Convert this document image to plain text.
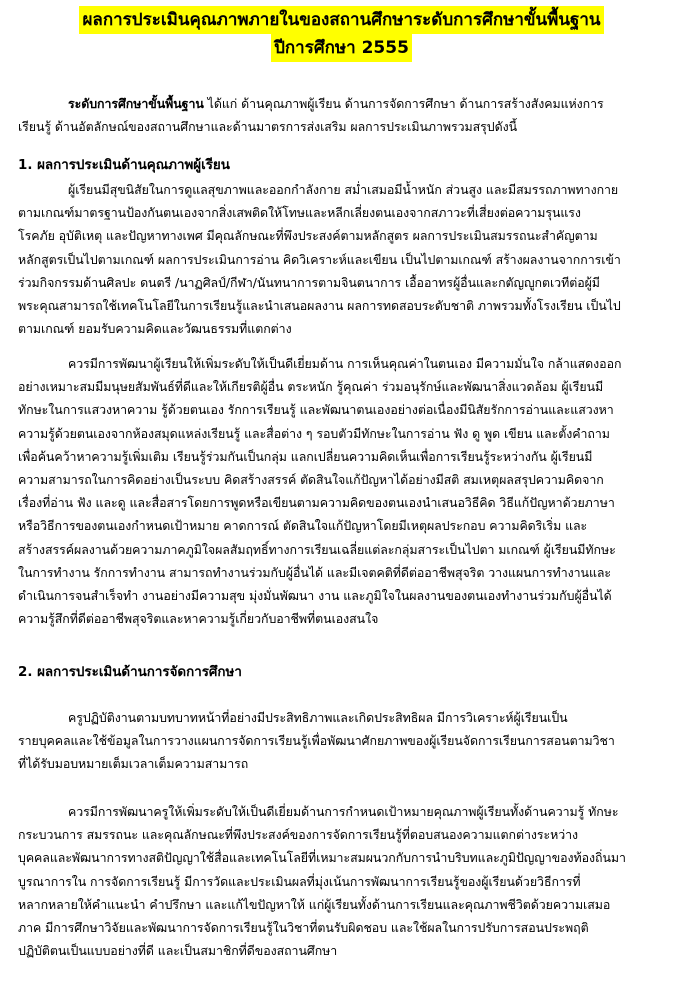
ผลการประเมินคุณภาพภายในของสถานศึกษาระดับการศึกษาขั้นพื้นฐาน
ปีการศึกษา 2555
ระดับการศึกษาขั้นพื้นฐาน ได้แก่ ด้านคุณภาพผู้เรียน ด้านการจัดการศึกษา ด้านการสร้างสังคมแห่งการ
เรียนรู้ ด้านอัตลักษณ์ของสถานศึกษาและด้านมาตรการส่งเสริม ผลการประเมินภาพรวมสรุปดังนี้
1. ผลการประเมินด้านคุณภาพผู้เรียน
ผู้เรียนมีสุขนิสัยในการดูแลสุขภาพและออกกำลังกาย สม่ำเสมอมีน้ำหนัก ส่วนสูง และมีสมรรถภาพทางกาย
ตามเกณฑ์มาตรฐานป้องกันตนเองจากสิ่งเสพติดให้โทษและหลีกเลี่ยงตนเองจากสภาวะที่เสี่ยงต่อความรุนแรง
โรคภัย อุบัติเหตุ และปัญหาทางเพศ มีคุณลักษณะที่พึงประสงค์ตามหลักสูตร ผลการประเมินสมรรถนะสำคัญตาม
หลักสูตรเป็นไปตามเกณฑ์ ผลการประเมินการอ่าน คิดวิเคราะห์และเขียน เป็นไปตามเกณฑ์ สร้างผลงานจากการเข้า
ร่วมกิจกรรมด้านศิลปะ ดนตรี /นาฏศิลป์/กีฬา/นันทนาการตามจินตนาการ เอื้ออาทรผู้อื่นและกตัญญูกตเวทีต่อผู้มี
พระคุณสามารถใช้เทคโนโลยีในการเรียนรู้และนำเสนอผลงาน ผลการทดสอบระดับชาติ ภาพรวมทั้งโรงเรียน เป็นไป
ตามเกณฑ์ ยอมรับความคิดและวัฒนธรรมที่แตกต่าง
ควรมีการพัฒนาผู้เรียนให้เพิ่มระดับให้เป็นดีเยี่ยมด้าน การเห็นคุณค่าในตนเอง มีความมั่นใจ กล้าแสดงออก
อย่างเหมาะสมมีมนุษยสัมพันธ์ที่ดีและให้เกียรติผู้อื่น ตระหนัก รู้คุณค่า ร่วมอนุรักษ์และพัฒนาสิ่งแวดล้อม ผู้เรียนมี
ทักษะในการแสวงหาความ รู้ด้วยตนเอง รักการเรียนรู้ และพัฒนาตนเองอย่างต่อเนื่องมีนิสัยรักการอ่านและแสวงหา
ความรู้ด้วยตนเองจากห้องสมุดแหล่งเรียนรู้ และสื่อต่าง ๆ รอบตัวมีทักษะในการอ่าน ฟัง ดู พูด เขียน และตั้งคำถาม
เพื่อค้นคว้าหาความรู้เพิ่มเติม เรียนรู้ร่วมกันเป็นกลุ่ม แลกเปลี่ยนความคิดเห็นเพื่อการเรียนรู้ระหว่างกัน ผู้เรียนมี
ความสามารถในการคิดอย่างเป็นระบบ คิดสร้างสรรค์ ตัดสินใจแก้ปัญหาได้อย่างมีสติ สมเหตุผลสรุปความคิดจาก
เรื่องที่อ่าน ฟัง และดู และสื่อสารโดยการพูดหรือเขียนตามความคิดของตนเองนำเสนอวิธีคิด วิธีแก้ปัญหาด้วยภาษา
หรือวิธีการของตนเองกำหนดเป้าหมาย คาดการณ์ ตัดสินใจแก้ปัญหาโดยมีเหตุผลประกอบ ความคิดริเริ่ม และ
สร้างสรรค์ผลงานด้วยความภาคภูมิใจผลสัมฤทธิ์ทางการเรียนเฉลี่ยแต่ละกลุ่มสาระเป็นไปตา มเกณฑ์ ผู้เรียนมีทักษะ
ในการทำงาน รักการทำงาน สามารถทำงานร่วมกับผู้อื่นได้ และมีเจตคติที่ดีต่ออาชีพสุจริต วางแผนการทำงานและ
ดำเนินการจนสำเร็จทำ งานอย่างมีความสุข มุ่งมั่นพัฒนา งาน และภูมิใจในผลงานของตนเองทำงานร่วมกับผู้อื่นได้
ความรู้สึกที่ดีต่ออาชีพสุจริตและหาความรู้เกี่ยวกับอาชีพที่ตนเองสนใจ
2. ผลการประเมินด้านการจัดการศึกษา
ครูปฏิบัติงานตามบทบาทหน้าที่อย่างมีประสิทธิภาพและเกิดประสิทธิผล มีการวิเคราะห์ผู้เรียนเป็น
รายบุคคลและใช้ข้อมูลในการวางแผนการจัดการเรียนรู้เพื่อพัฒนาศักยภาพของผู้เรียนจัดการเรียนการสอนตามวิชา
ที่ได้รับมอบหมายเต็มเวลาเต็มความสามารถ
ควรมีการพัฒนาครูให้เพิ่มระดับให้เป็นดีเยี่ยมด้านการกำหนดเป้าหมายคุณภาพผู้เรียนทั้งด้านความรู้ ทักษะ
กระบวนการ สมรรถนะ และคุณลักษณะที่พึงประสงค์ของการจัดการเรียนรู้ที่ตอบสนองความแตกต่างระหว่าง
บุคคลและพัฒนาการทางสติปัญญาใช้สื่อและเทคโนโลยีที่เหมาะสมผนวกกับการนำบริบทและภูมิปัญญาของท้องถิ่นมา
บูรณาการใน การจัดการเรียนรู้ มีการวัดและประเมินผลที่มุ่งเน้นการพัฒนาการเรียนรู้ของผู้เรียนด้วยวิธีการที่
หลากหลายให้คำแนะนำ คำปรึกษา และแก้ไขปัญหาให้ แก่ผู้เรียนทั้งด้านการเรียนและคุณภาพชีวิตด้วยความเสมอ
ภาค มีการศึกษาวิจัยและพัฒนาการจัดการเรียนรู้ในวิชาที่ตนรับผิดชอบ และใช้ผลในการปรับการสอนประพฤติ
ปฏิบัติตนเป็นแบบอย่างที่ดี และเป็นสมาชิกที่ดีของสถานศึกษา
